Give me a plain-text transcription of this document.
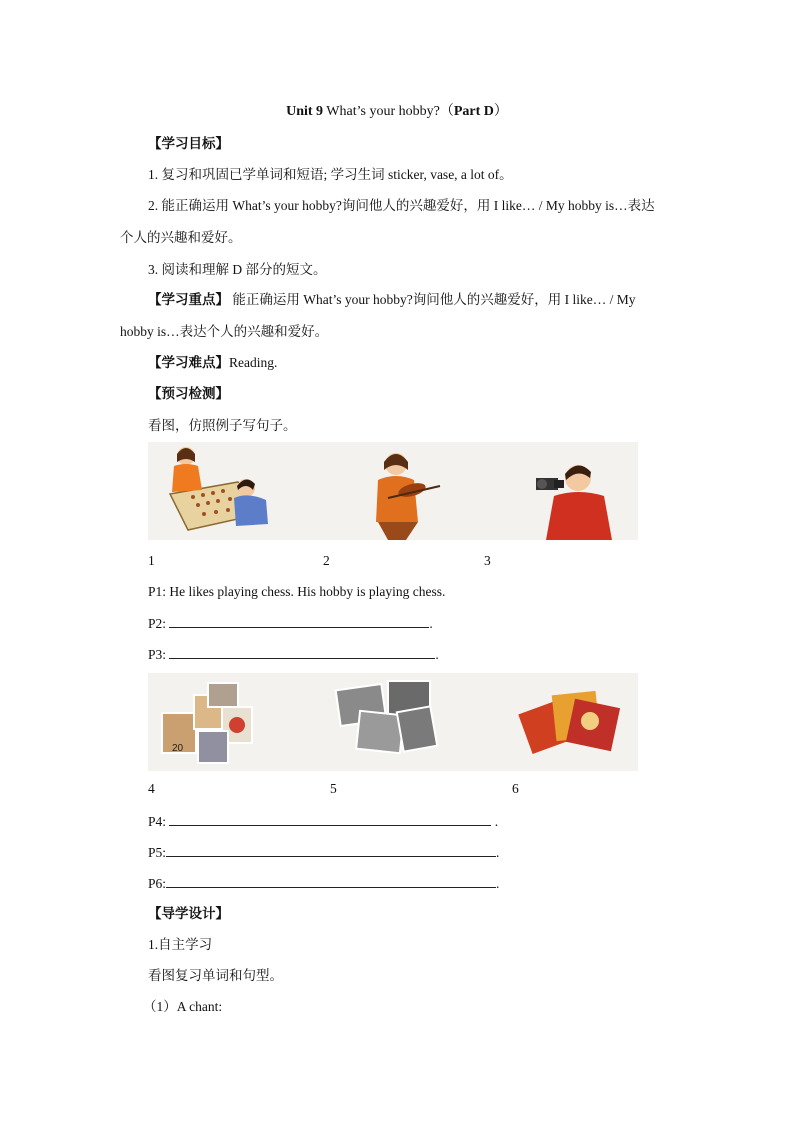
Unit 9 What’s your hobby?（Part D）
【学习目标】
1. 复习和巩固已学单词和短语; 学习生词 sticker, vase, a lot of。
2. 能正确运用 What’s your hobby?询问他人的兴趣爱好，用 I like… / My hobby is…表达
个人的兴趣和爱好。
3. 阅读和理解 D 部分的短文。
【学习重点】 能正确运用 What’s your hobby?询问他人的兴趣爱好，用 I like… / My
hobby is…表达个人的兴趣和爱好。
【学习难点】Reading.
【预习检测】
看图，仿照例子写句子。
1	2	3
P1: He likes playing chess. His hobby is playing chess.
P2:	.
P3:	.
20
4	5	6
P4:	.
P5:	.
P6:	.
【导学设计】
1.自主学习
看图复习单词和句型。
（1）A chant:
